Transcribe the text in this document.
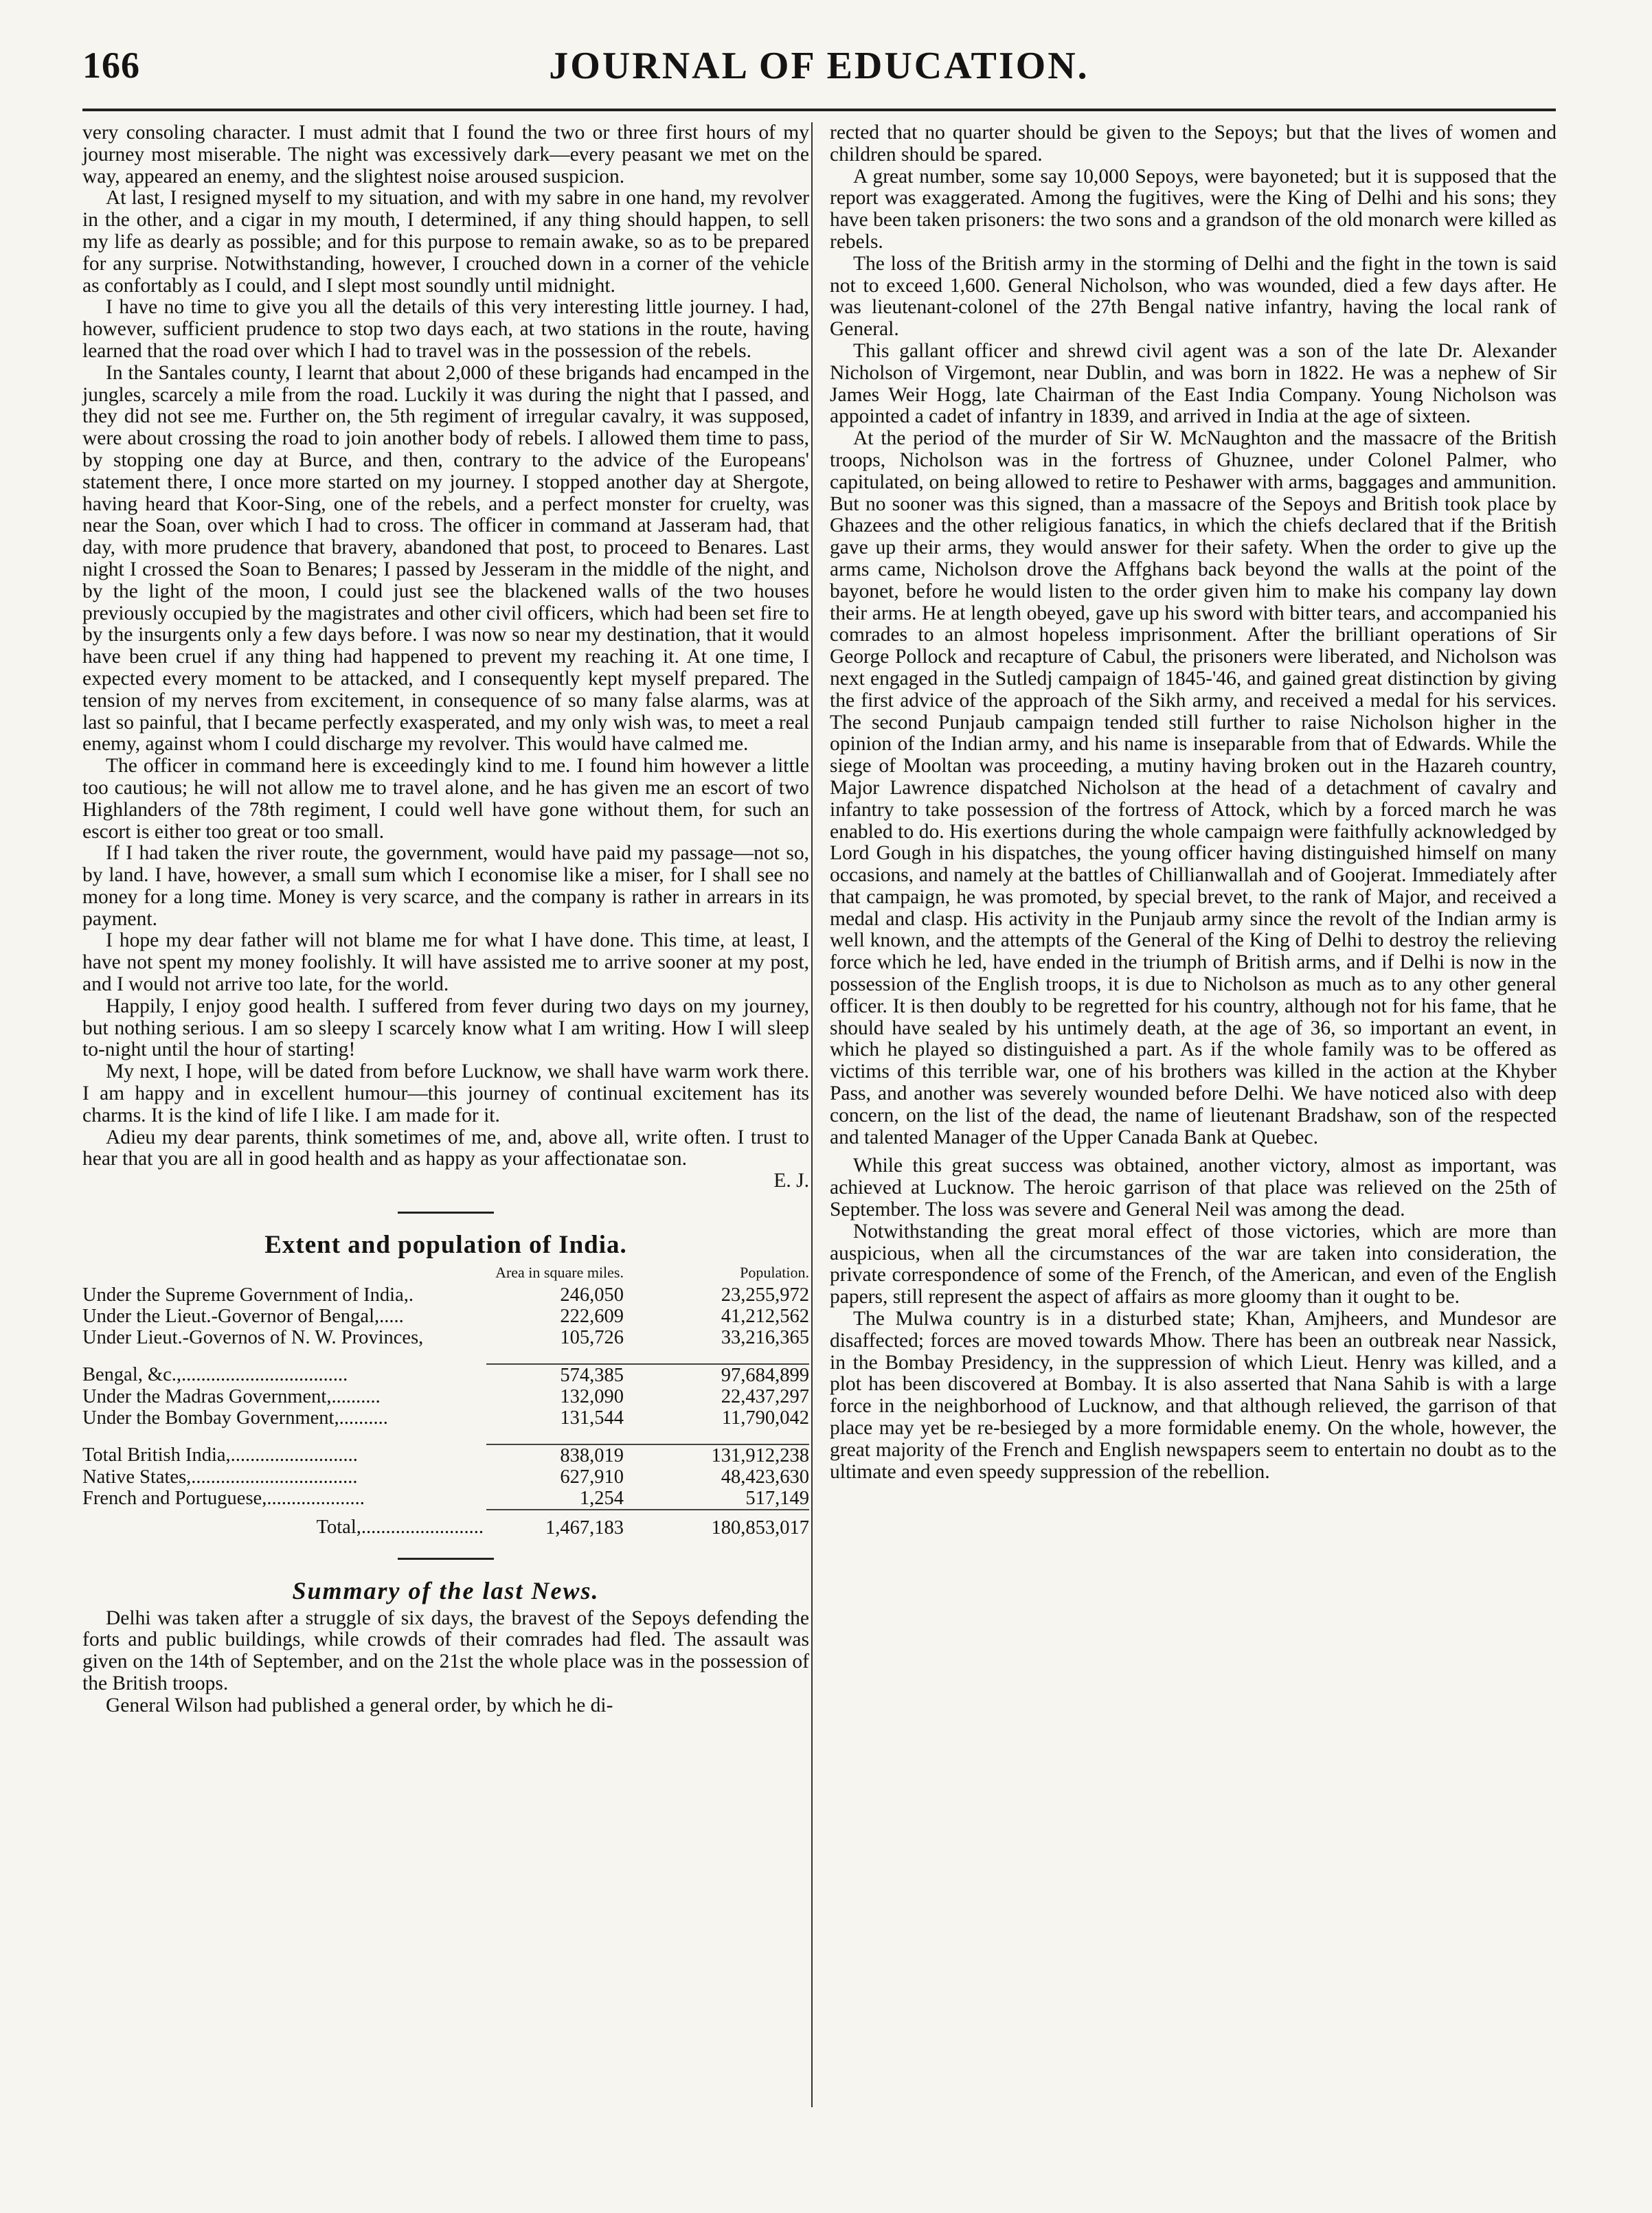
166	JOURNAL OF EDUCATION.

very consoling character. I must admit that I found the two or three first hours of my journey most miserable. The night was excessively dark—every peasant we met on the way, appeared an enemy, and the slightest noise aroused suspicion.

At last, I resigned myself to my situation, and with my sabre in one hand, my revolver in the other, and a cigar in my mouth, I determined, if any thing should happen, to sell my life as dearly as possible; and for this purpose to remain awake, so as to be prepared for any surprise. Notwithstanding, however, I crouched down in a corner of the vehicle as confortably as I could, and I slept most soundly until midnight.

I have no time to give you all the details of this very interesting little journey. I had, however, sufficient prudence to stop two days each, at two stations in the route, having learned that the road over which I had to travel was in the possession of the rebels.

In the Santales county, I learnt that about 2,000 of these brigands had encamped in the jungles, scarcely a mile from the road. Luckily it was during the night that I passed, and they did not see me. Further on, the 5th regiment of irregular cavalry, it was supposed, were about crossing the road to join another body of rebels. I allowed them time to pass, by stopping one day at Burce, and then, contrary to the advice of the Europeans' statement there, I once more started on my journey. I stopped another day at Shergote, having heard that Koor-Sing, one of the rebels, and a perfect monster for cruelty, was near the Soan, over which I had to cross. The officer in command at Jasseram had, that day, with more prudence that bravery, abandoned that post, to proceed to Benares. Last night I crossed the Soan to Benares; I passed by Jesseram in the middle of the night, and by the light of the moon, I could just see the blackened walls of the two houses previously occupied by the magistrates and other civil officers, which had been set fire to by the insurgents only a few days before. I was now so near my destination, that it would have been cruel if any thing had happened to prevent my reaching it. At one time, I expected every moment to be attacked, and I consequently kept myself prepared. The tension of my nerves from excitement, in consequence of so many false alarms, was at last so painful, that I became perfectly exasperated, and my only wish was, to meet a real enemy, against whom I could discharge my revolver. This would have calmed me.

The officer in command here is exceedingly kind to me. I found him however a little too cautious; he will not allow me to travel alone, and he has given me an escort of two Highlanders of the 78th regiment, I could well have gone without them, for such an escort is either too great or too small.

If I had taken the river route, the government, would have paid my passage—not so, by land. I have, however, a small sum which I economise like a miser, for I shall see no money for a long time. Money is very scarce, and the company is rather in arrears in its payment.

I hope my dear father will not blame me for what I have done. This time, at least, I have not spent my money foolishly. It will have assisted me to arrive sooner at my post, and I would not arrive too late, for the world.

Happily, I enjoy good health. I suffered from fever during two days on my journey, but nothing serious. I am so sleepy I scarcely know what I am writing. How I will sleep to-night until the hour of starting!

My next, I hope, will be dated from before Lucknow, we shall have warm work there. I am happy and in excellent humour—this journey of continual excitement has its charms. It is the kind of life I like. I am made for it.

Adieu my dear parents, think sometimes of me, and, above all, write often. I trust to hear that you are all in good health and as happy as your affectionatae son.

E. J.

Extent and population of India.
	Area in square miles.	Population.
Under the Supreme Government of India,.	246,050	23,255,972
Under the Lieut.-Governor of Bengal,.....	222,609	41,212,562
Under Lieut.-Governos of N. W. Provinces,	105,726	33,216,365

Bengal, &c.,..................................	574,385	97,684,899
Under the Madras Government,..........	132,090	22,437,297
Under the Bombay Government,..........	131,544	11,790,042

Total British India,..........................	838,019	131,912,238
Native States,..................................	627,910	48,423,630
French and Portuguese,....................	1,254	517,149
Total,.........................	1,467,183	180,853,017
Summary of the last News.

Delhi was taken after a struggle of six days, the bravest of the Sepoys defending the forts and public buildings, while crowds of their comrades had fled. The assault was given on the 14th of September, and on the 21st the whole place was in the possession of the British troops.

General Wilson had published a general order, by which he di-

rected that no quarter should be given to the Sepoys; but that the lives of women and children should be spared.

A great number, some say 10,000 Sepoys, were bayoneted; but it is supposed that the report was exaggerated. Among the fugitives, were the King of Delhi and his sons; they have been taken prisoners: the two sons and a grandson of the old monarch were killed as rebels.

The loss of the British army in the storming of Delhi and the fight in the town is said not to exceed 1,600. General Nicholson, who was wounded, died a few days after. He was lieutenant-colonel of the 27th Bengal native infantry, having the local rank of General.

This gallant officer and shrewd civil agent was a son of the late Dr. Alexander Nicholson of Virgemont, near Dublin, and was born in 1822. He was a nephew of Sir James Weir Hogg, late Chairman of the East India Company. Young Nicholson was appointed a cadet of infantry in 1839, and arrived in India at the age of sixteen.

At the period of the murder of Sir W. McNaughton and the massacre of the British troops, Nicholson was in the fortress of Ghuznee, under Colonel Palmer, who capitulated, on being allowed to retire to Peshawer with arms, baggages and ammunition. But no sooner was this signed, than a massacre of the Sepoys and British took place by Ghazees and the other religious fanatics, in which the chiefs declared that if the British gave up their arms, they would answer for their safety. When the order to give up the arms came, Nicholson drove the Affghans back beyond the walls at the point of the bayonet, before he would listen to the order given him to make his company lay down their arms. He at length obeyed, gave up his sword with bitter tears, and accompanied his comrades to an almost hopeless imprisonment. After the brilliant operations of Sir George Pollock and recapture of Cabul, the prisoners were liberated, and Nicholson was next engaged in the Sutledj campaign of 1845-'46, and gained great distinction by giving the first advice of the approach of the Sikh army, and received a medal for his services. The second Punjaub campaign tended still further to raise Nicholson higher in the opinion of the Indian army, and his name is inseparable from that of Edwards. While the siege of Mooltan was proceeding, a mutiny having broken out in the Hazareh country, Major Lawrence dispatched Nicholson at the head of a detachment of cavalry and infantry to take possession of the fortress of Attock, which by a forced march he was enabled to do. His exertions during the whole campaign were faithfully acknowledged by Lord Gough in his dispatches, the young officer having distinguished himself on many occasions, and namely at the battles of Chillianwallah and of Goojerat. Immediately after that campaign, he was promoted, by special brevet, to the rank of Major, and received a medal and clasp. His activity in the Punjaub army since the revolt of the Indian army is well known, and the attempts of the General of the King of Delhi to destroy the relieving force which he led, have ended in the triumph of British arms, and if Delhi is now in the possession of the English troops, it is due to Nicholson as much as to any other general officer. It is then doubly to be regretted for his country, although not for his fame, that he should have sealed by his untimely death, at the age of 36, so important an event, in which he played so distinguished a part. As if the whole family was to be offered as victims of this terrible war, one of his brothers was killed in the action at the Khyber Pass, and another was severely wounded before Delhi. We have noticed also with deep concern, on the list of the dead, the name of lieutenant Bradshaw, son of the respected and talented Manager of the Upper Canada Bank at Quebec.

While this great success was obtained, another victory, almost as important, was achieved at Lucknow. The heroic garrison of that place was relieved on the 25th of September. The loss was severe and General Neil was among the dead.

Notwithstanding the great moral effect of those victories, which are more than auspicious, when all the circumstances of the war are taken into consideration, the private correspondence of some of the French, of the American, and even of the English papers, still represent the aspect of affairs as more gloomy than it ought to be.

The Mulwa country is in a disturbed state; Khan, Amjheers, and Mundesor are disaffected; forces are moved towards Mhow. There has been an outbreak near Nassick, in the Bombay Presidency, in the suppression of which Lieut. Henry was killed, and a plot has been discovered at Bombay. It is also asserted that Nana Sahib is with a large force in the neighborhood of Lucknow, and that although relieved, the garrison of that place may yet be re-besieged by a more formidable enemy. On the whole, however, the great majority of the French and English newspapers seem to entertain no doubt as to the ultimate and even speedy suppression of the rebellion.
